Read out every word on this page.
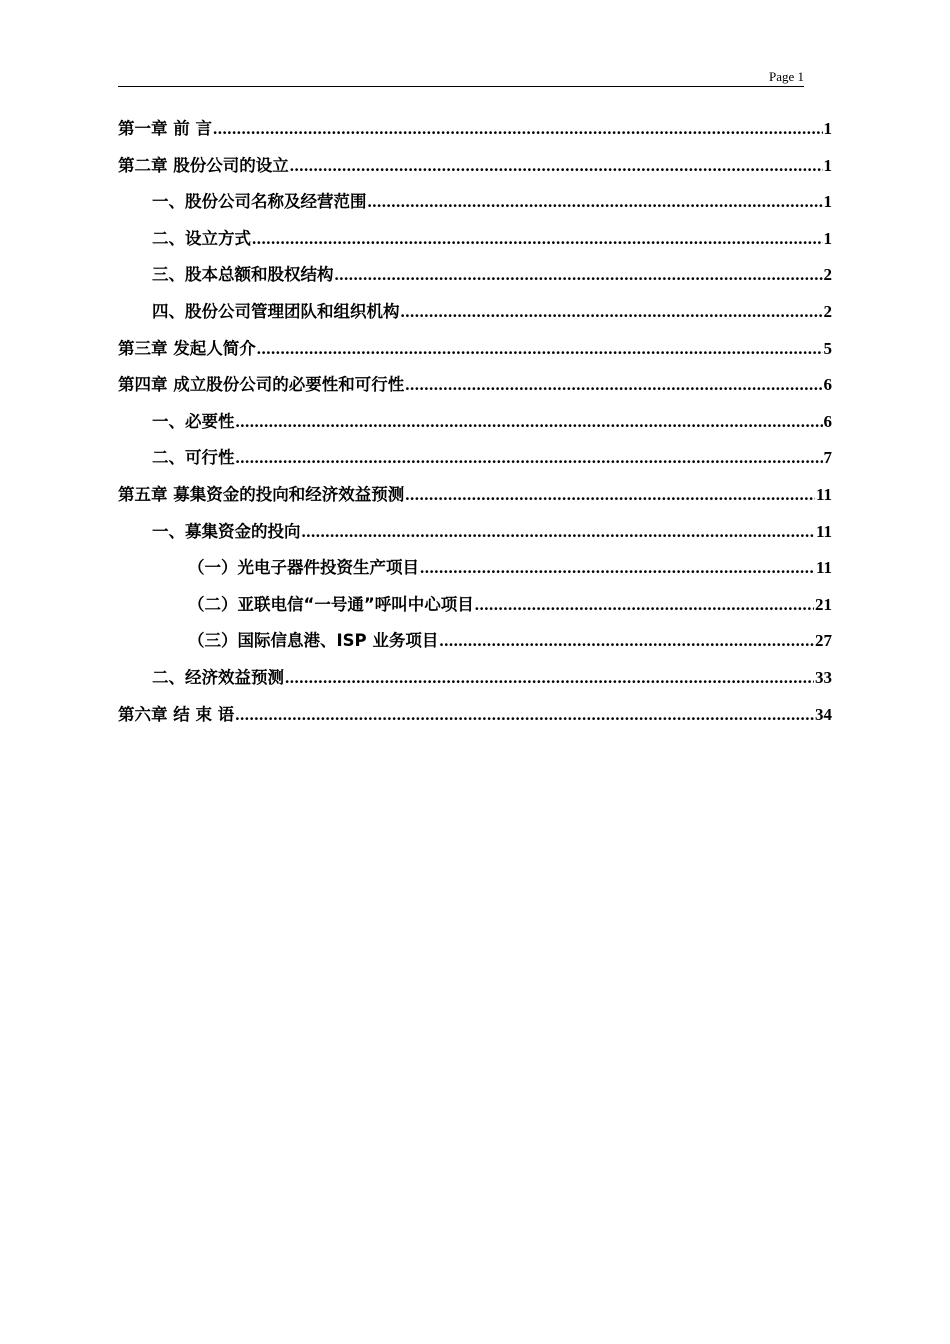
Page 1
第一章 前 言 .....	1
第二章 股份公司的设立 .....	1
一、股份公司名称及经营范围 .....	1
二、设立方式 .....	1
三、股本总额和股权结构 .....	2
四、股份公司管理团队和组织机构 .....	2
第三章 发起人简介 .....	5
第四章 成立股份公司的必要性和可行性 .....	6
一、必要性 .....	6
二、可行性 .....	7
第五章 募集资金的投向和经济效益预测 .....	11
一、募集资金的投向 .....	11
（一）光电子器件投资生产项目 .....	11
（二）亚联电信“一号通”呼叫中心项目 .....	21
（三）国际信息港、ISP 业务项目 .....	27
二、经济效益预测 .....	33
第六章 结 束 语 .....	34
